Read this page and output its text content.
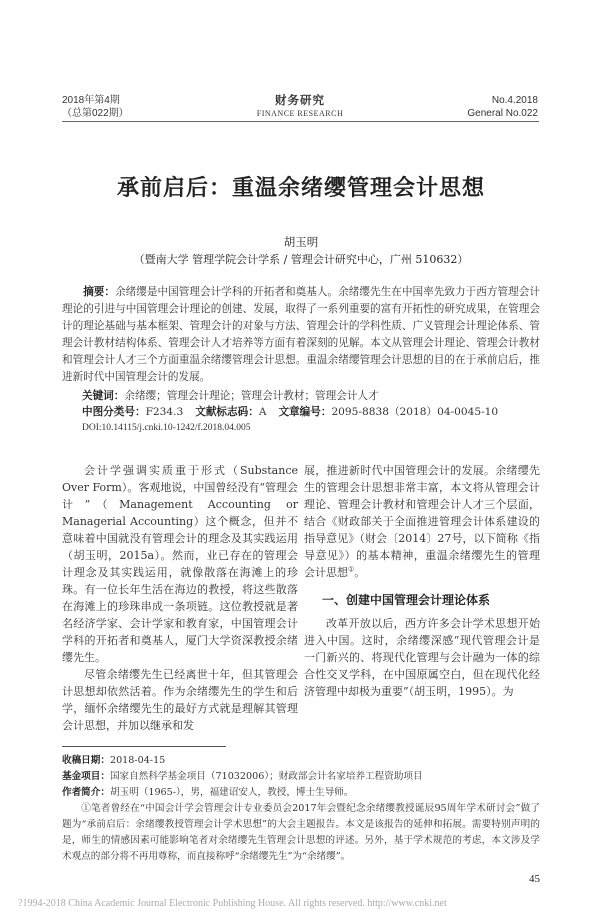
2018年第4期
（总第022期）
财务研究
FINANCE RESEARCH
No.4.2018
General No.022
承前启后：重温余绪缨管理会计思想
胡玉明
（暨南大学 管理学院会计学系 / 管理会计研究中心，广州 510632）
摘要：余绪缨是中国管理会计学科的开拓者和奠基人。余绪缨先生在中国率先致力于西方管理会计理论的引进与中国管理会计理论的创建、发展，取得了一系列重要的富有开拓性的研究成果，在管理会计的理论基础与基本框架、管理会计的对象与方法、管理会计的学科性质、广义管理会计理论体系、管理会计教材结构体系、管理会计人才培养等方面有着深刻的见解。本文从管理会计理论、管理会计教材和管理会计人才三个方面重温余绪缨管理会计思想。重温余绪缨管理会计思想的目的在于承前启后，推进新时代中国管理会计的发展。
关键词：余绪缨；管理会计理论；管理会计教材；管理会计人才
中图分类号：F234.3 文献标志码：A 文章编号：2095-8838（2018）04-0045-10
DOI:10.14115/j.cnki.10-1242/f.2018.04.005

会计学强调实质重于形式（Substance Over Form）。客观地说，中国曾经没有“管理会计”（Management Accounting or Managerial Accounting）这个概念，但并不意味着中国就没有管理会计的理念及其实践运用（胡玉明，2015a）。然而，业已存在的管理会计理念及其实践运用，就像散落在海滩上的珍珠。有一位长年生活在海边的教授，将这些散落在海滩上的珍珠串成一条项链。这位教授就是著名经济学家、会计学家和教育家，中国管理会计学科的开拓者和奠基人，厦门大学资深教授余绪缨先生。

尽管余绪缨先生已经离世十年，但其管理会计思想却依然活着。作为余绪缨先生的学生和后学，缅怀余绪缨先生的最好方式就是理解其管理会计思想，并加以继承和发

展，推进新时代中国管理会计的发展。余绪缨先生的管理会计思想非常丰富，本文将从管理会计理论、管理会计教材和管理会计人才三个层面，结合《财政部关于全面推进管理会计体系建设的指导意见》（财会〔2014〕27号，以下简称《指导意见》）的基本精神，重温余绪缨先生的管理会计思想①。

一、创建中国管理会计理论体系

改革开放以后，西方许多会计学术思想开始进入中国。这时，余绪缨深感“现代管理会计是一门新兴的、将现代化管理与会计融为一体的综合性交叉学科，在中国原属空白，但在现代化经济管理中却极为重要”（胡玉明，1995）。为

收稿日期：2018-04-15
基金项目：国家自然科学基金项目（71032006）；财政部会计名家培养工程资助项目
作者简介：胡玉明（1965-），男，福建诏安人，教授，博士生导师。
①笔者曾经在“中国会计学会管理会计专业委员会2017年会暨纪念余绪缨教授诞辰95周年学术研讨会”做了题为“承前启后：余绪缨教授管理会计学术思想”的大会主题报告。本文是该报告的延伸和拓展。需要特别声明的是，师生的情感因素可能影响笔者对余绪缨先生管理会计思想的评述。另外，基于学术规范的考虑，本文涉及学术观点的部分将不再用尊称，而直接称呼“余绪缨先生”为“余绪缨”。
45
?1994-2018 China Academic Journal Electronic Publishing House. All rights reserved. http://www.cnki.net
